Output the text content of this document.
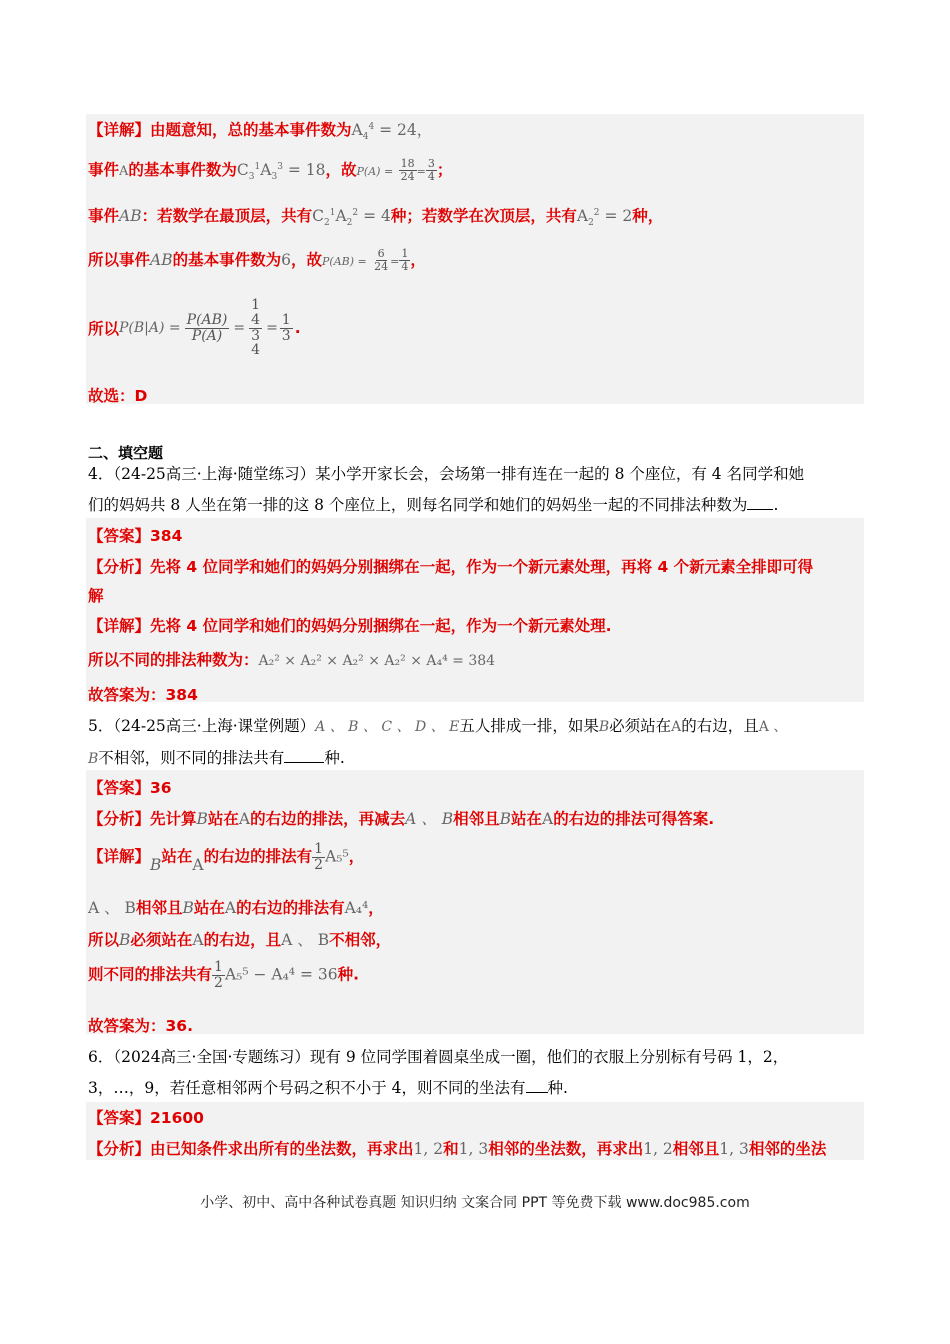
【详解】由题意知，总的基本事件数为$A_4^4 = 24$，
事件A的基本事件数为$C_3^1A_3^3 = 18$，故$P(A) = \frac{18}{24} = \frac{3}{4}$ ；
事件AB：若数学在最顶层，共有$C_2^1A_2^2 = 4$种；若数学在次顶层，共有$A_2^2 = 2$种，
所以事件AB的基本事件数为6，故$P(AB) = \frac{6}{24} = \frac{1}{4}$ ，
所以 $P(B|A) = \frac{P(AB)}{P(A)}$ =
1
4
3
4
= $\frac{1}{3}$ .
故选：D
二、填空题
4．（24-25高三·上海·随堂练习）某小学开家长会，会场第一排有连在一起的 8 个座位，有 4 名同学和她
们的妈妈共 8 人坐在第一排的这 8 个座位上，则每名同学和她们的妈妈坐一起的不同排法种数为 .
【答案】384
【分析】先将 4 位同学和她们的妈妈分别捆绑在一起，作为一个新元素处理，再将 4 个新元素全排即可得
解
【详解】先将 4 位同学和她们的妈妈分别捆绑在一起，作为一个新元素处理.
所以不同的排法种数为：A₂² × A₂² × A₂² × A₂² × A₄⁴ = 384
故答案为：384
5．（24-25高三·上海·课堂例题）A 、 B 、 C 、 D 、 E五人排成一排，如果B必须站在A的右边，且A 、
B不相邻，则不同的排法共有	种.
【答案】36
【分析】先计算B站在A的右边的排法，再减去A 、 B相邻且B站在A的右边的排法可得答案.
【详解】B站在A的右边的排法有 $\frac{1}{2} A_5^5$，
A 、 B相邻且B站在A的右边的排法有A₄⁴，
所以B必须站在A的右边，且A 、 B不相邻，
则不同的排法共有 $\frac{1}{2} A_5^5 - A_4^4 = 36$种.
故答案为：36.
6．（2024高三·全国·专题练习）现有 9 位同学围着圆桌坐成一圈，他们的衣服上分别标有号码 1，2，
3，…，9，若任意相邻两个号码之积不小于 4，则不同的坐法有 种.
【答案】21600
【分析】由已知条件求出所有的坐法数，再求出1, 2和1, 3相邻的坐法数，再求出1, 2相邻且1, 3相邻的坐法
小学、初中、高中各种试卷真题 知识归纳 文案合同 PPT 等免费下载 www.doc985.com
